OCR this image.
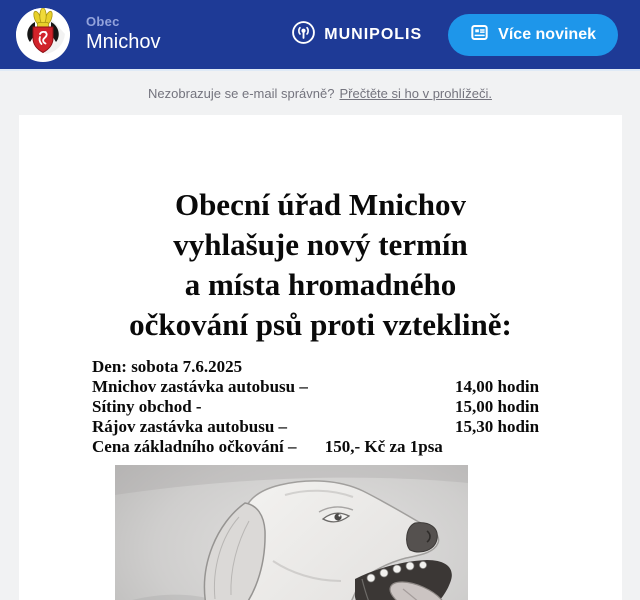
Obec
Mnichov	MUNIPOLIS	Více novinek
Nezobrazuje se e-mail správně? Přečtěte si ho v prohlížeči.
Obecní úřad Mnichov
vyhlašuje nový termín
a místa hromadného
očkování psů proti vzteklině:
Den: sobota 7.6.2025
Mnichov zastávka autobusu –	14,00 hodin
Sítiny obchod -	15,00 hodin
Rájov zastávka autobusu –	15,30 hodin
Cena základního očkování – 150,- Kč za 1psa
